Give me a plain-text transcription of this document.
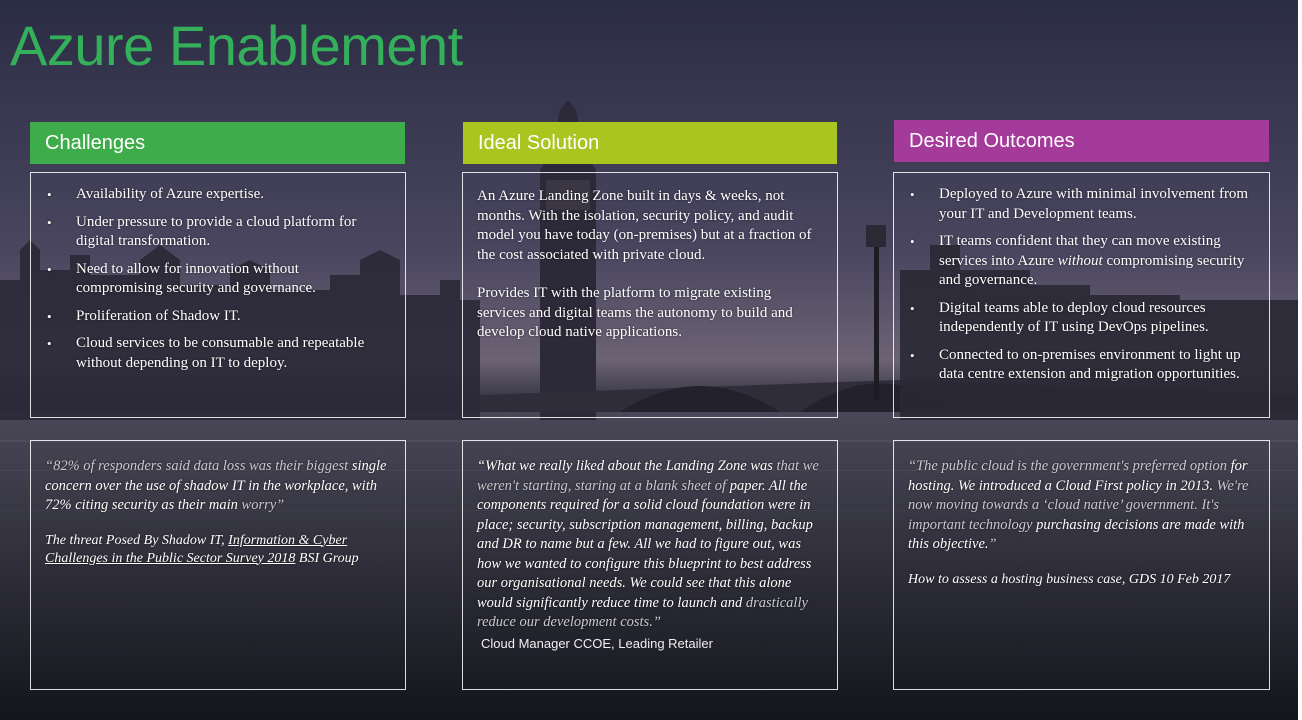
Azure Enablement
Challenges	Ideal Solution	Desired Outcomes
• Availability of Azure expertise.
• Under pressure to provide a cloud platform for digital transformation.
• Need to allow for innovation without compromising security and governance.
• Proliferation of Shadow IT.
• Cloud services to be consumable and repeatable without depending on IT to deploy.

An Azure Landing Zone built in days & weeks, not months. With the isolation, security policy, and audit model you have today (on-premises) but at a fraction of the cost associated with private cloud.

Provides IT with the platform to migrate existing services and digital teams the autonomy to build and develop cloud native applications.

• Deployed to Azure with minimal involvement from your IT and Development teams.
• IT teams confident that they can move existing services into Azure without compromising security and governance.
• Digital teams able to deploy cloud resources independently of IT using DevOps pipelines.
• Connected to on-premises environment to light up data centre extension and migration opportunities.

“82% of responders said data loss was their biggest single concern over the use of shadow IT in the workplace, with 72% citing security as their main worry”

The threat Posed By Shadow IT, Information & Cyber Challenges in the Public Sector Survey 2018 BSI Group

“What we really liked about the Landing Zone was that we weren't starting, staring at a blank sheet of paper. All the components required for a solid cloud foundation were in place; security, subscription management, billing, backup and DR to name but a few. All we had to figure out, was how we wanted to configure this blueprint to best address our organisational needs. We could see that this alone would significantly reduce time to launch and drastically reduce our development costs.”

Cloud Manager CCOE, Leading Retailer

“The public cloud is the government's preferred option for hosting. We introduced a Cloud First policy in 2013. We're now moving towards a ‘cloud native’ government. It's important technology purchasing decisions are made with this objective.”

How to assess a hosting business case, GDS 10 Feb 2017
